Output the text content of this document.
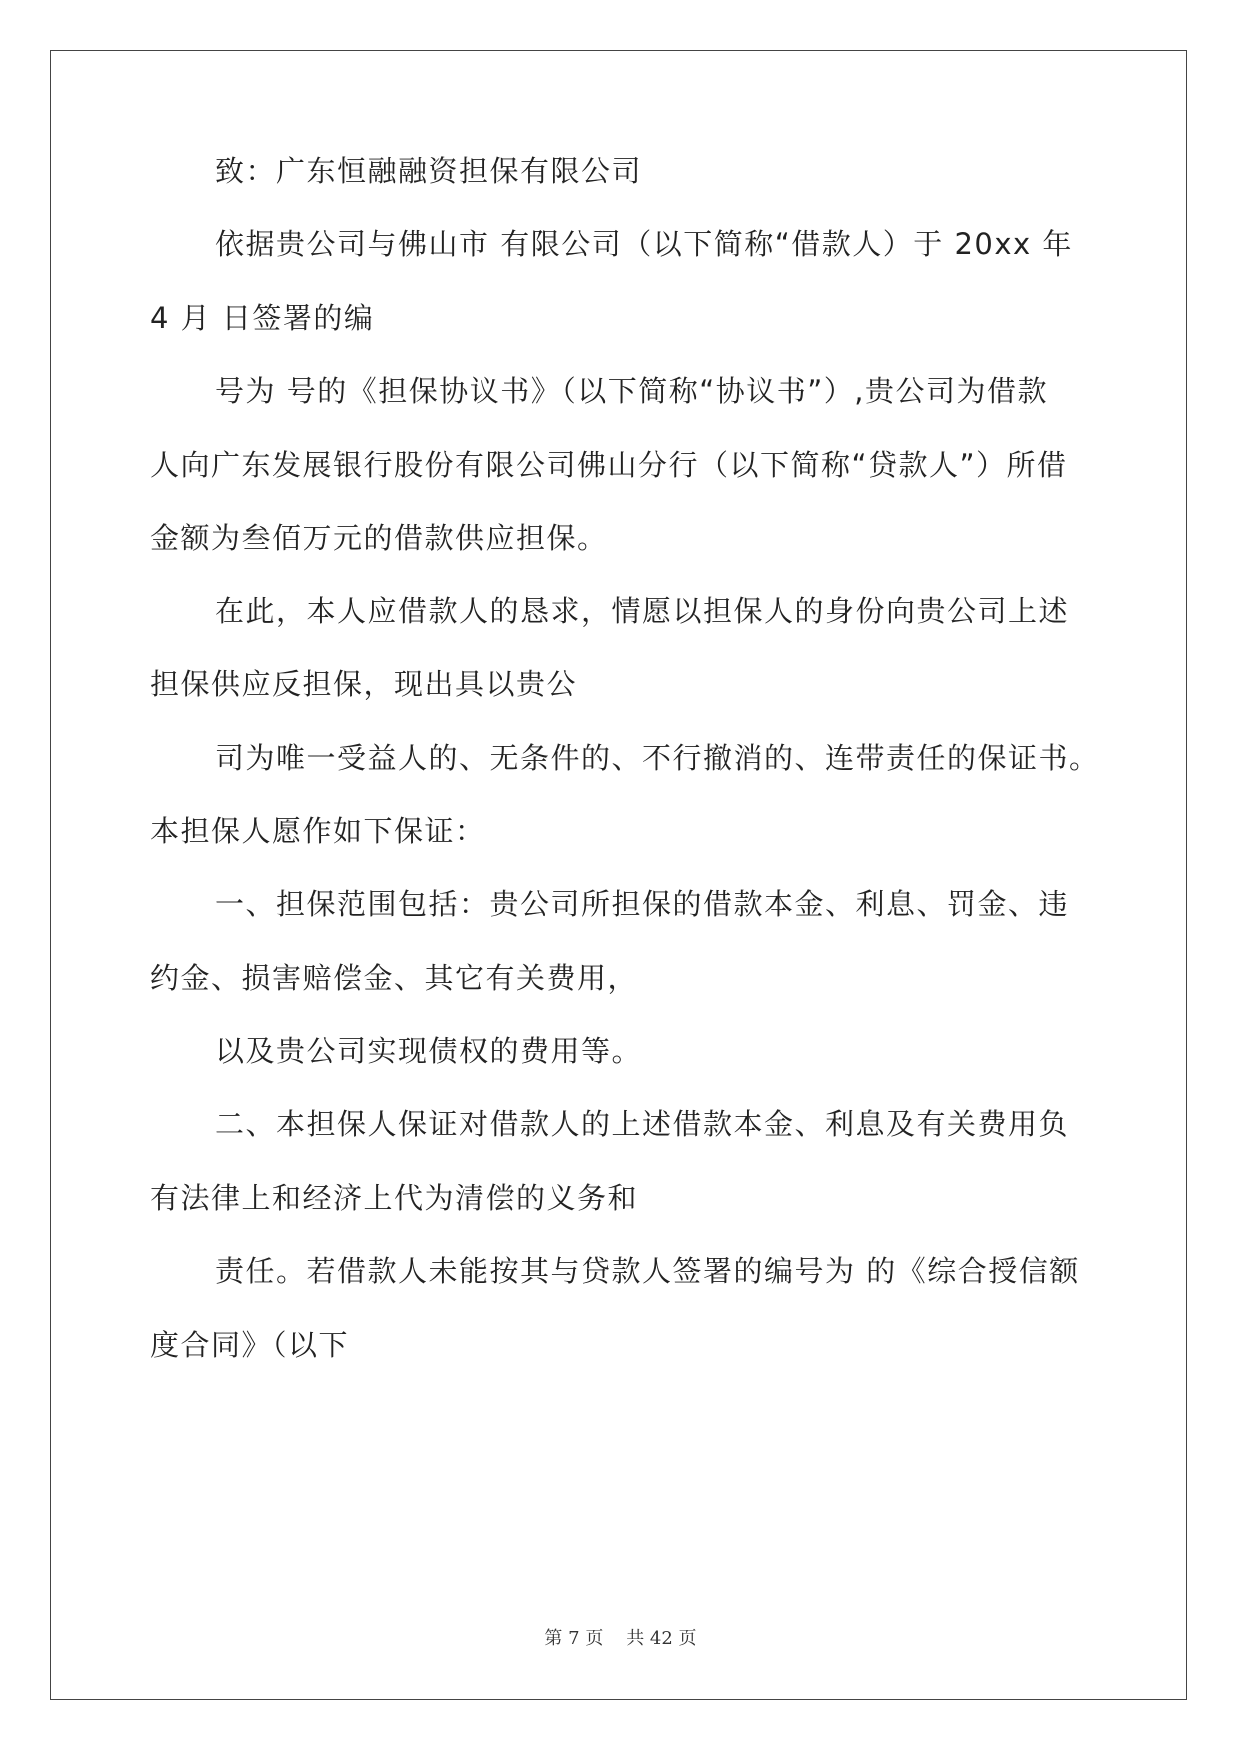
致：广东恒融融资担保有限公司
依据贵公司与佛山市 有限公司（以下简称“借款人）于 20xx 年
4 月 日签署的编
号为 号的《担保协议书》（以下简称“协议书”）,贵公司为借款
人向广东发展银行股份有限公司佛山分行（以下简称“贷款人”）所借
金额为叁佰万元的借款供应担保。
在此，本人应借款人的恳求，情愿以担保人的身份向贵公司上述
担保供应反担保，现出具以贵公
司为唯一受益人的、无条件的、不行撤消的、连带责任的保证书。
本担保人愿作如下保证：
一、担保范围包括：贵公司所担保的借款本金、利息、罚金、违
约金、损害赔偿金、其它有关费用，
以及贵公司实现债权的费用等。
二、本担保人保证对借款人的上述借款本金、利息及有关费用负
有法律上和经济上代为清偿的义务和
责任。若借款人未能按其与贷款人签署的编号为 的《综合授信额
度合同》（以下
第 7 页    共 42 页
